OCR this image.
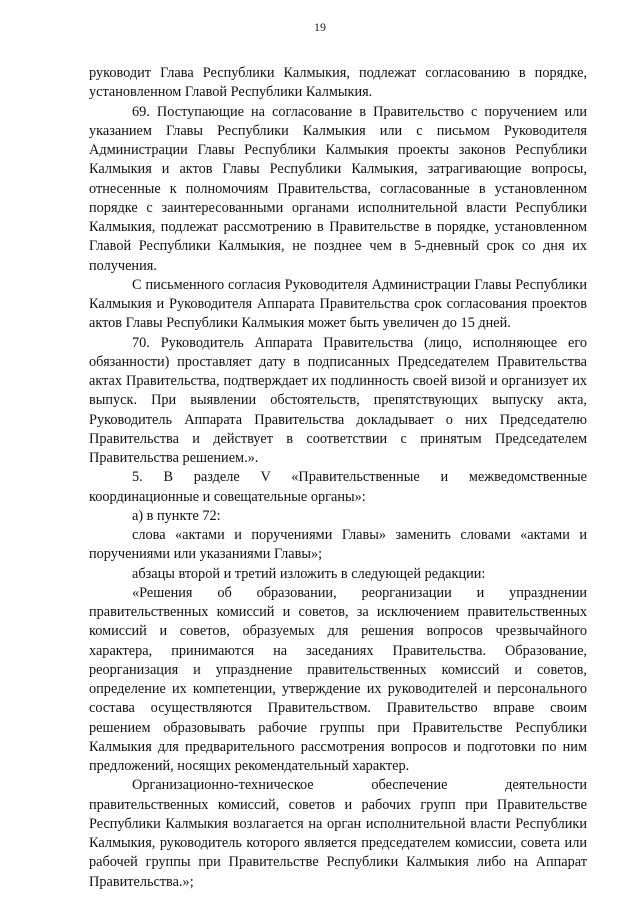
19

руководит Глава Республики Калмыкия, подлежат согласованию в порядке, установленном Главой Республики Калмыкия.

69. Поступающие на согласование в Правительство с поручением или указанием Главы Республики Калмыкия или с письмом Руководителя Администрации Главы Республики Калмыкия проекты законов Республики Калмыкия и актов Главы Республики Калмыкия, затрагивающие вопросы, отнесенные к полномочиям Правительства, согласованные в установленном порядке с заинтересованными органами исполнительной власти Республики Калмыкия, подлежат рассмотрению в Правительстве в порядке, установленном Главой Республики Калмыкия, не позднее чем в 5-дневный срок со дня их получения.

С письменного согласия Руководителя Администрации Главы Республики Калмыкия и Руководителя Аппарата Правительства срок согласования проектов актов Главы Республики Калмыкия может быть увеличен до 15 дней.

70. Руководитель Аппарата Правительства (лицо, исполняющее его обязанности) проставляет дату в подписанных Председателем Правительства актах Правительства, подтверждает их подлинность своей визой и организует их выпуск. При выявлении обстоятельств, препятствующих выпуску акта, Руководитель Аппарата Правительства докладывает о них Председателю Правительства и действует в соответствии с принятым Председателем Правительства решением.».

5. В разделе V «Правительственные и межведомственные координационные и совещательные органы»:

а) в пункте 72:

слова «актами и поручениями Главы» заменить словами «актами и поручениями или указаниями Главы»;

абзацы второй и третий изложить в следующей редакции:

«Решения об образовании, реорганизации и упразднении правительственных комиссий и советов, за исключением правительственных комиссий и советов, образуемых для решения вопросов чрезвычайного характера, принимаются на заседаниях Правительства. Образование, реорганизация и упразднение правительственных комиссий и советов, определение их компетенции, утверждение их руководителей и персонального состава осуществляются Правительством. Правительство вправе своим решением образовывать рабочие группы при Правительстве Республики Калмыкия для предварительного рассмотрения вопросов и подготовки по ним предложений, носящих рекомендательный характер.

Организационно-техническое обеспечение деятельности правительственных комиссий, советов и рабочих групп при Правительстве Республики Калмыкия возлагается на орган исполнительной власти Республики Калмыкия, руководитель которого является председателем комиссии, совета или рабочей группы при Правительстве Республики Калмыкия либо на Аппарат Правительства.»;
